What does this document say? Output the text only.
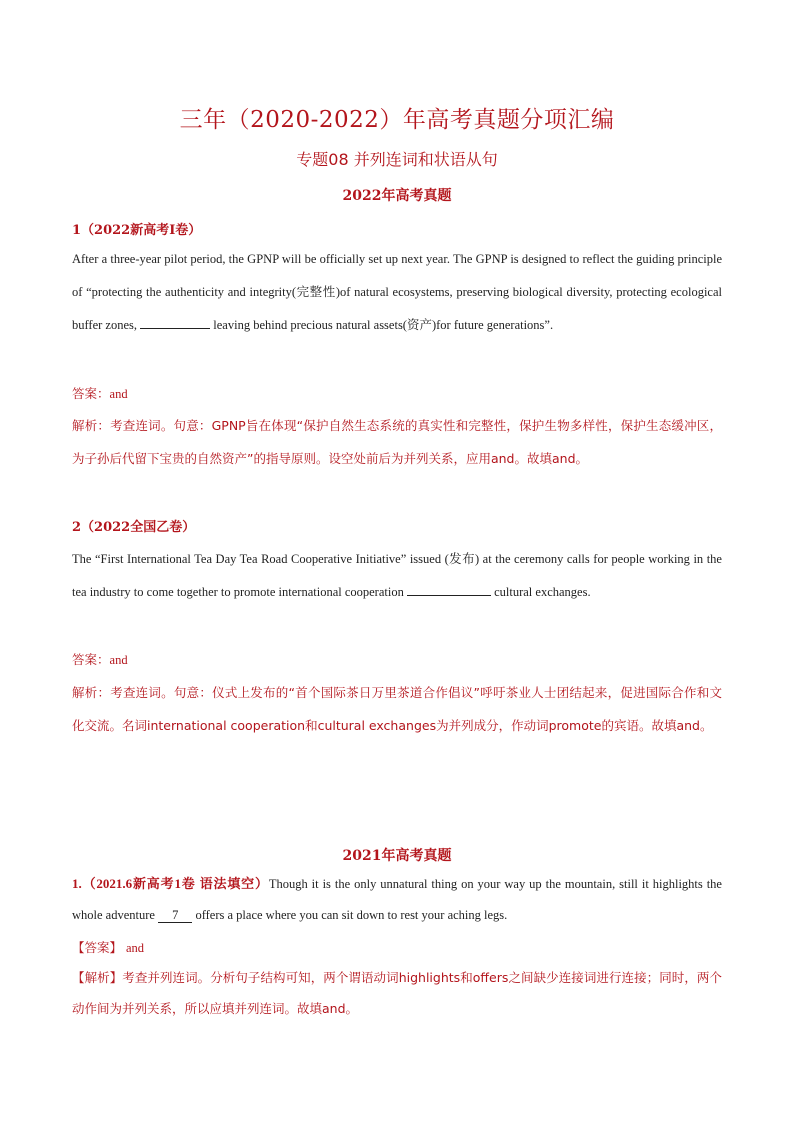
三年（2020-2022）年高考真题分项汇编
专题08 并列连词和状语从句
2022年高考真题
1（2022新高考I卷）
After a three-year pilot period, the GPNP will be officially set up next year. The GPNP is designed to reflect the guiding principle of “protecting the authenticity and integrity(完整性)of natural ecosystems, preserving biological diversity, protecting ecological buffer zones,	leaving behind precious natural assets(资产)for future generations”.
答案：and
解析：考查连词。句意：GPNP旨在体现“保护自然生态系统的真实性和完整性，保护生物多样性，保护生态缓冲区，为子孙后代留下宝贵的自然资产”的指导原则。设空处前后为并列关系，应用and。故填and。
2（2022全国乙卷）
The “First International Tea Day Tea Road Cooperative Initiative” issued (发布) at the ceremony calls for people working in the tea industry to come together to promote international cooperation	cultural exchanges.
答案：and
解析：考查连词。句意：仪式上发布的“首个国际茶日万里茶道合作倡议”呼吁茶业人士团结起来，促进国际合作和文化交流。名词international cooperation和cultural exchanges为并列成分，作动词promote的宾语。故填and。
2021年高考真题
1.（2021.6新高考1卷 语法填空）Though it is the only unnatural thing on your way up the mountain, still it highlights the whole adventure 7 offers a place where you can sit down to rest your aching legs.
【答案】 and
【解析】考查并列连词。分析句子结构可知，两个谓语动词highlights和offers之间缺少连接词进行连接；同时，两个动作间为并列关系，所以应填并列连词。故填and。
